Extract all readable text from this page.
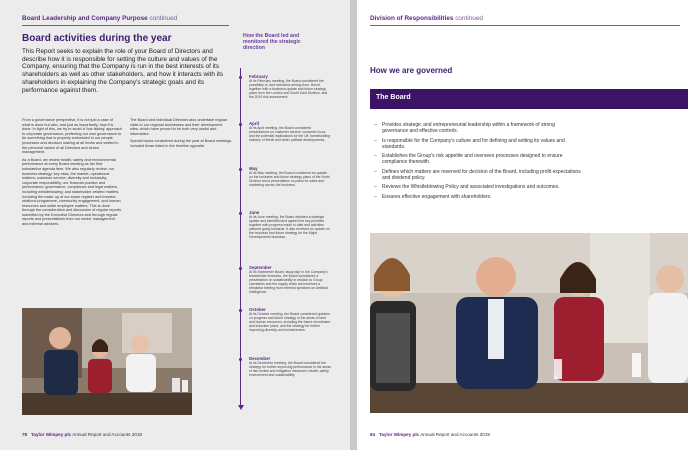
Board Leadership and Company Purpose continued
Board activities during the year
This Report seeks to explain the role of your Board of Directors and describe how it is responsible for setting the culture and values of the Company, ensuring that the Company is run in the best interests of its shareholders as well as other stakeholders, and how it interacts with its shareholders in explaining the Company's strategic goals and its performance against them.

From a governance perspective, it is not just a case of what is done but also, and just as importantly, how it is done. In light of this, we try to avoid a 'box ticking' approach to corporate governance, preferring our own governance to be something that is properly embedded in our people, processes and decision making at all levels and vested in the personal values of all Directors and senior management.

As a Board, we review health, safety and environmental performance at every Board meeting as the first substantive agenda item. We also regularly review: our business strategy; key risks; the market; operational matters; customer service; diversity and inclusivity; corporate responsibility; our financial position and performance; governance, compliance and legal matters, including whistleblowing; and stakeholder-related matters, including the make up of our share register and investor relations programme, community engagement, and human resources and wider employee matters. This is done through the consideration and discussion of regular reports submitted by the Executive Directors and through regular reports and presentations from our senior management and external advisers.

The Board and individual Directors also undertake regular visits to our regional businesses and their development sites, which have proved to be both very useful and informative.

Special topics considered during the year at Board meetings included those listed in the timeline opposite.

How the Board led and monitored the strategic direction
February
At its February meeting, the Board considered the possibility of, and scenarios arising from, Brexit together with a business update and future strategy plans from the London and South East Division, and the 2019 risk assessment.
April
At its April meeting, the Board considered presentations on customer service, customer focus and the potential implications for the UK homebuilding industry of Brexit and wider political developments.
May
At its May meeting, the Board considered an update on the business and future strategy plans of the North Division and a presentation on plans for sales and marketing across the business.
June
At its June meeting, the Board debated a strategic update and identified and agreed the key priorities together with progress made to date and activities planned going forwards. It also received an update on the business and future strategy for the Major Developments business.
September
At its September Board 'away day' in the Company's Manchester business, the Board considered a presentation on sustainability in relation to Group operations and the supply chain and received a breakfast briefing from external speakers on Artificial Intelligence.
October
At its October meeting, the Board considered updates on progress and future strategy in the areas of land and human resources, including the future recruitment and induction plans, and the strategy for further improving diversity and inclusiveness.
December
At its December meeting, the Board considered the strategy for further improving performance in the areas of risk review and mitigation measures, health, safety, environment and sustainability.
78 Taylor Wimpey plc Annual Report and Accounts 2019
Division of Responsibilities continued
How we are governed
The Board
– Provides strategic and entrepreneurial leadership within a framework of strong governance and effective controls.
– Is responsible for the Company's culture and for defining and setting its values and standards.
– Establishes the Group's risk appetite and oversees processes designed to ensure compliance therewith.
– Defines which matters are reserved for decision of the Board, including profit expectations and dividend policy.
– Reviews the Whistleblowing Policy and associated investigations and outcomes.
– Ensures effective engagement with shareholders.
84 Taylor Wimpey plc Annual Report and Accounts 2019
